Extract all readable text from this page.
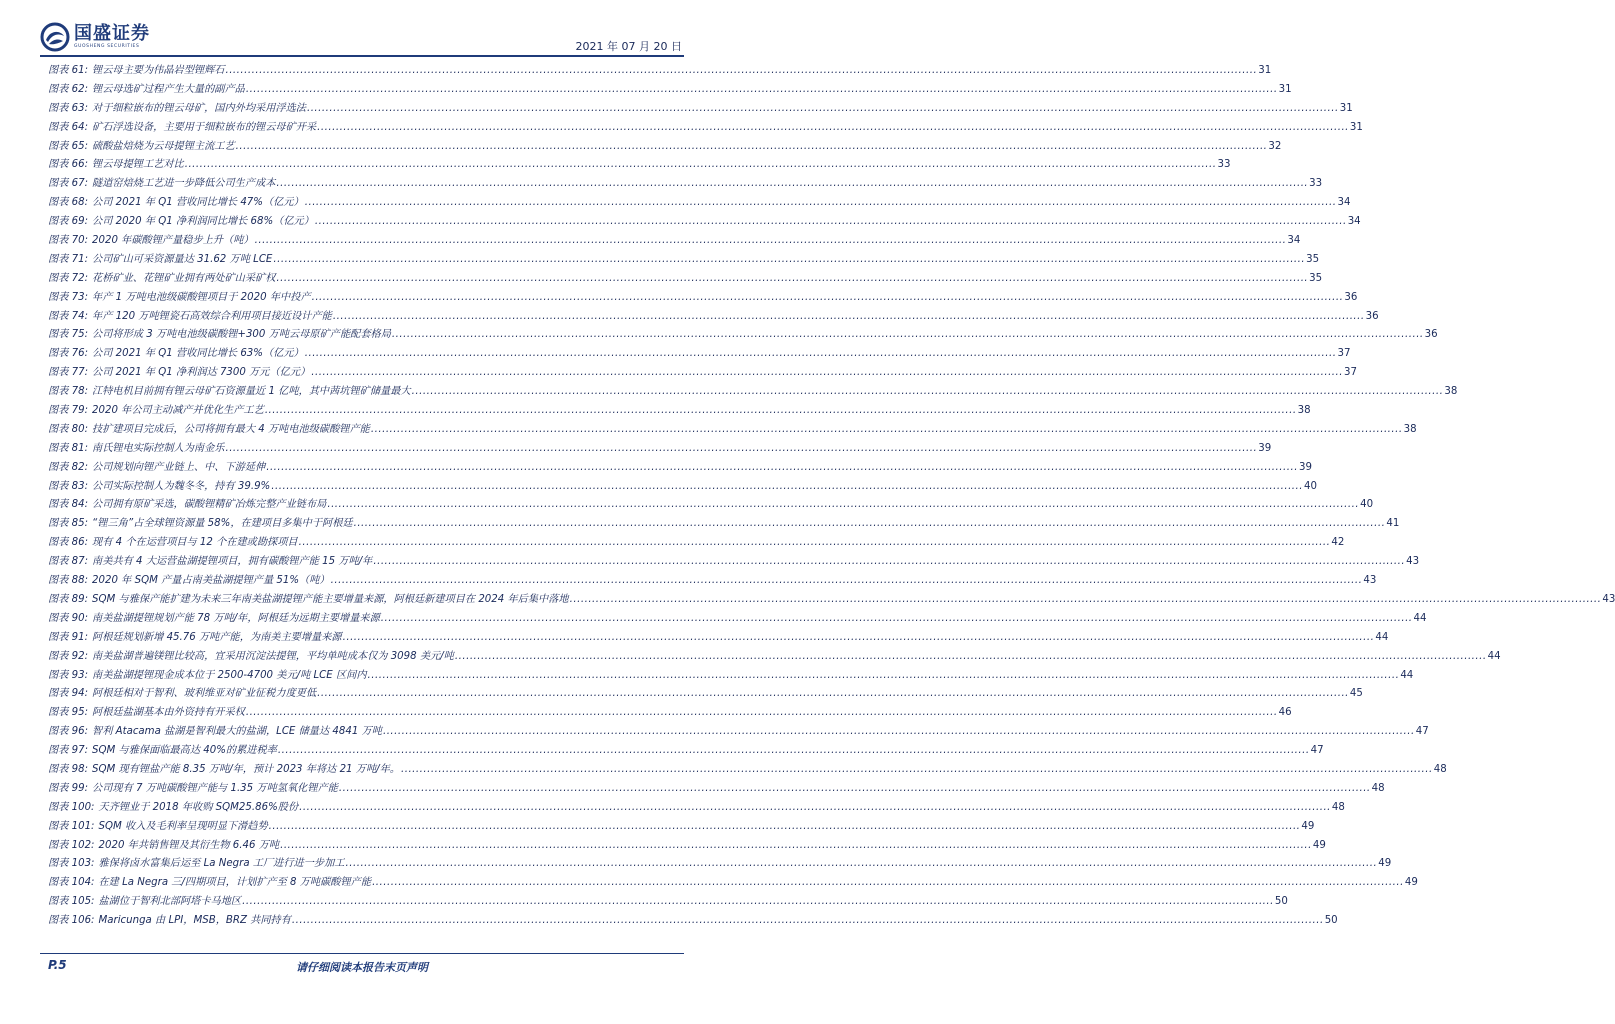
国盛证券
GUOSHENG SECURITIES	2021 年 07 月 20 日
图表 61: 锂云母主要为伟晶岩型锂辉石 .....	31
图表 62: 锂云母选矿过程产生大量的副产品 .....	31
图表 63: 对于细粒嵌布的锂云母矿，国内外均采用浮选法 .....	31
图表 64: 矿石浮选设备，主要用于细粒嵌布的锂云母矿开采 .....	31
图表 65: 硫酸盐焙烧为云母提锂主流工艺 .....	32
图表 66: 锂云母提锂工艺对比 .....	33
图表 67: 隧道窑焙烧工艺进一步降低公司生产成本 .....	33
图表 68: 公司 2021 年 Q1 营收同比增长 47%（亿元） .....	34
图表 69: 公司 2020 年 Q1 净利润同比增长 68%（亿元） .....	34
图表 70: 2020 年碳酸锂产量稳步上升（吨） .....	34
图表 71: 公司矿山可采资源量达 31.62 万吨 LCE .....	35
图表 72: 花桥矿业、花锂矿业拥有两处矿山采矿权 .....	35
图表 73: 年产 1 万吨电池级碳酸锂项目于 2020 年中投产 .....	36
图表 74: 年产 120 万吨锂瓷石高效综合利用项目接近设计产能 .....	36
图表 75: 公司将形成 3 万吨电池级碳酸锂+300 万吨云母原矿产能配套格局 .....	36
图表 76: 公司 2021 年 Q1 营收同比增长 63%（亿元） .....	37
图表 77: 公司 2021 年 Q1 净利润达 7300 万元（亿元） .....	37
图表 78: 江特电机目前拥有锂云母矿石资源量近 1 亿吨，其中茜坑锂矿储量最大 .....	38
图表 79: 2020 年公司主动减产并优化生产工艺 .....	38
图表 80: 技扩建项目完成后，公司将拥有最大 4 万吨电池级碳酸锂产能 .....	38
图表 81: 南氏锂电实际控制人为南金乐 .....	39
图表 82: 公司规划向锂产业链上、中、下游延伸 .....	39
图表 83: 公司实际控制人为魏冬冬，持有 39.9% .....	40
图表 84: 公司拥有原矿采选，碳酸锂精矿冶炼完整产业链布局 .....	40
图表 85: “锂三角”占全球锂资源量 58%，在建项目多集中于阿根廷 .....	41
图表 86: 现有 4 个在运营项目与 12 个在建或勘探项目 .....	42
图表 87: 南美共有 4 大运营盐湖提锂项目，拥有碳酸锂产能 15 万吨/年 .....	43
图表 88: 2020 年 SQM 产量占南美盐湖提锂产量 51%（吨） .....	43
图表 89: SQM 与雅保产能扩建为未来三年南美盐湖提锂产能主要增量来源，阿根廷新建项目在 2024 年后集中落地 .....	43
图表 90: 南美盐湖提锂规划产能 78 万吨/年，阿根廷为远期主要增量来源 .....	44
图表 91: 阿根廷规划新增 45.76 万吨产能，为南美主要增量来源 .....	44
图表 92: 南美盐湖普遍镁锂比较高，宜采用沉淀法提锂，平均单吨成本仅为 3098 美元/吨 .....	44
图表 93: 南美盐湖提锂现金成本位于 2500-4700 美元/吨 LCE 区间内 .....	44
图表 94: 阿根廷相对于智利、玻利维亚对矿业征税力度更低 .....	45
图表 95: 阿根廷盐湖基本由外资持有开采权 .....	46
图表 96: 智利 Atacama 盐湖是智利最大的盐湖，LCE 储量达 4841 万吨 .....	47
图表 97: SQM 与雅保面临最高达 40%的累进税率 .....	47
图表 98: SQM 现有锂盐产能 8.35 万吨/年，预计 2023 年将达 21 万吨/年。 .....	48
图表 99: 公司现有 7 万吨碳酸锂产能与 1.35 万吨氢氧化锂产能 .....	48
图表 100: 天齐锂业于 2018 年收购 SQM25.86%股份 .....	48
图表 101: SQM 收入及毛利率呈现明显下滑趋势 .....	49
图表 102: 2020 年共销售锂及其衍生物 6.46 万吨 .....	49
图表 103: 雅保将卤水富集后运至 La Negra 工厂进行进一步加工 .....	49
图表 104: 在建 La Negra 三/四期项目，计划扩产至 8 万吨碳酸锂产能 .....	49
图表 105: 盐湖位于智利北部阿塔卡马地区 .....	50
图表 106: Maricunga 由 LPI，MSB，BRZ 共同持有 .....	50
P.5	请仔细阅读本报告末页声明
